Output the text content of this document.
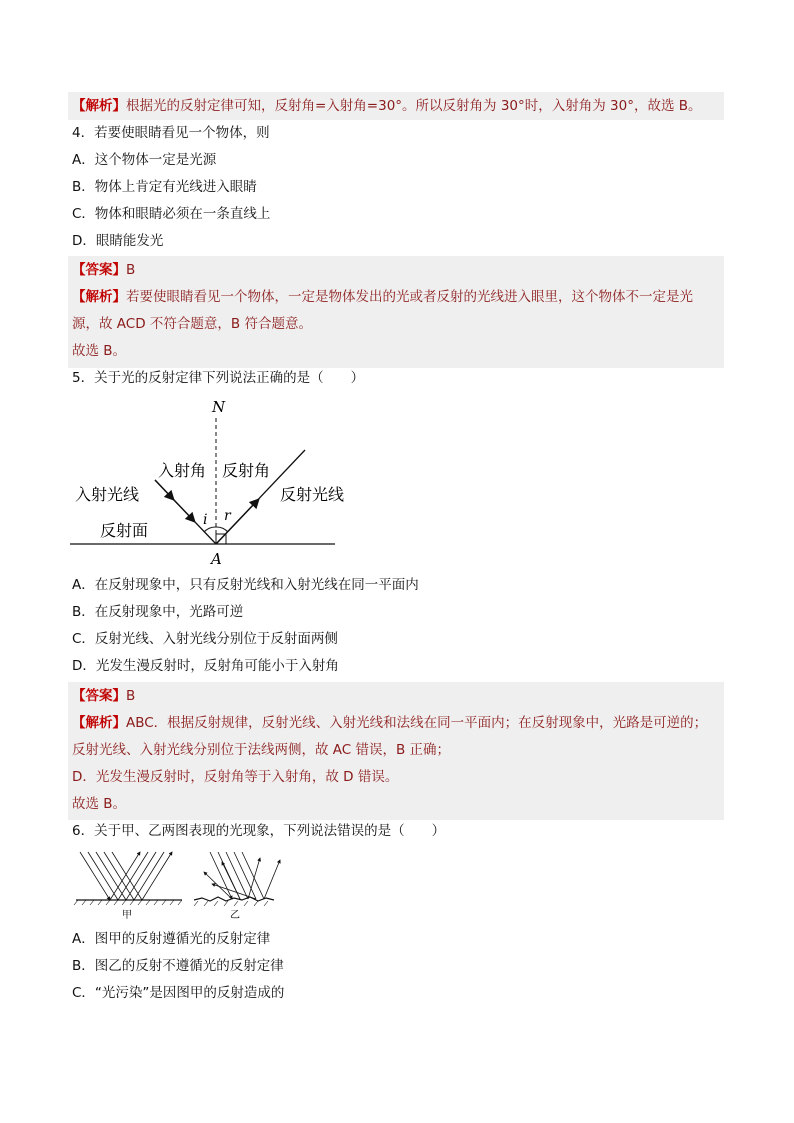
【解析】根据光的反射定律可知，反射角=入射角=30°。所以反射角为 30°时，入射角为 30°，故选 B。
4．若要使眼睛看见一个物体，则
A．这个物体一定是光源
B．物体上肯定有光线进入眼睛
C．物体和眼睛必须在一条直线上
D．眼睛能发光
【答案】B
【解析】若要使眼睛看见一个物体，一定是物体发出的光或者反射的光线进入眼里，这个物体不一定是光
源，故 ACD 不符合题意，B 符合题意。
故选 B。
5．关于光的反射定律下列说法正确的是（　　）
N
入射角 反射角
入射光线	反射光线
反射面
i r
A
A．在反射现象中，只有反射光线和入射光线在同一平面内
B．在反射现象中，光路可逆
C．反射光线、入射光线分别位于反射面两侧
D．光发生漫反射时，反射角可能小于入射角
【答案】B
【解析】ABC．根据反射规律，反射光线、入射光线和法线在同一平面内；在反射现象中，光路是可逆的；
反射光线、入射光线分别位于法线两侧，故 AC 错误，B 正确；
D．光发生漫反射时，反射角等于入射角，故 D 错误。
故选 B。
6．关于甲、乙两图表现的光现象，下列说法错误的是（　　）
甲	乙
A．图甲的反射遵循光的反射定律
B．图乙的反射不遵循光的反射定律
C．“光污染”是因图甲的反射造成的
